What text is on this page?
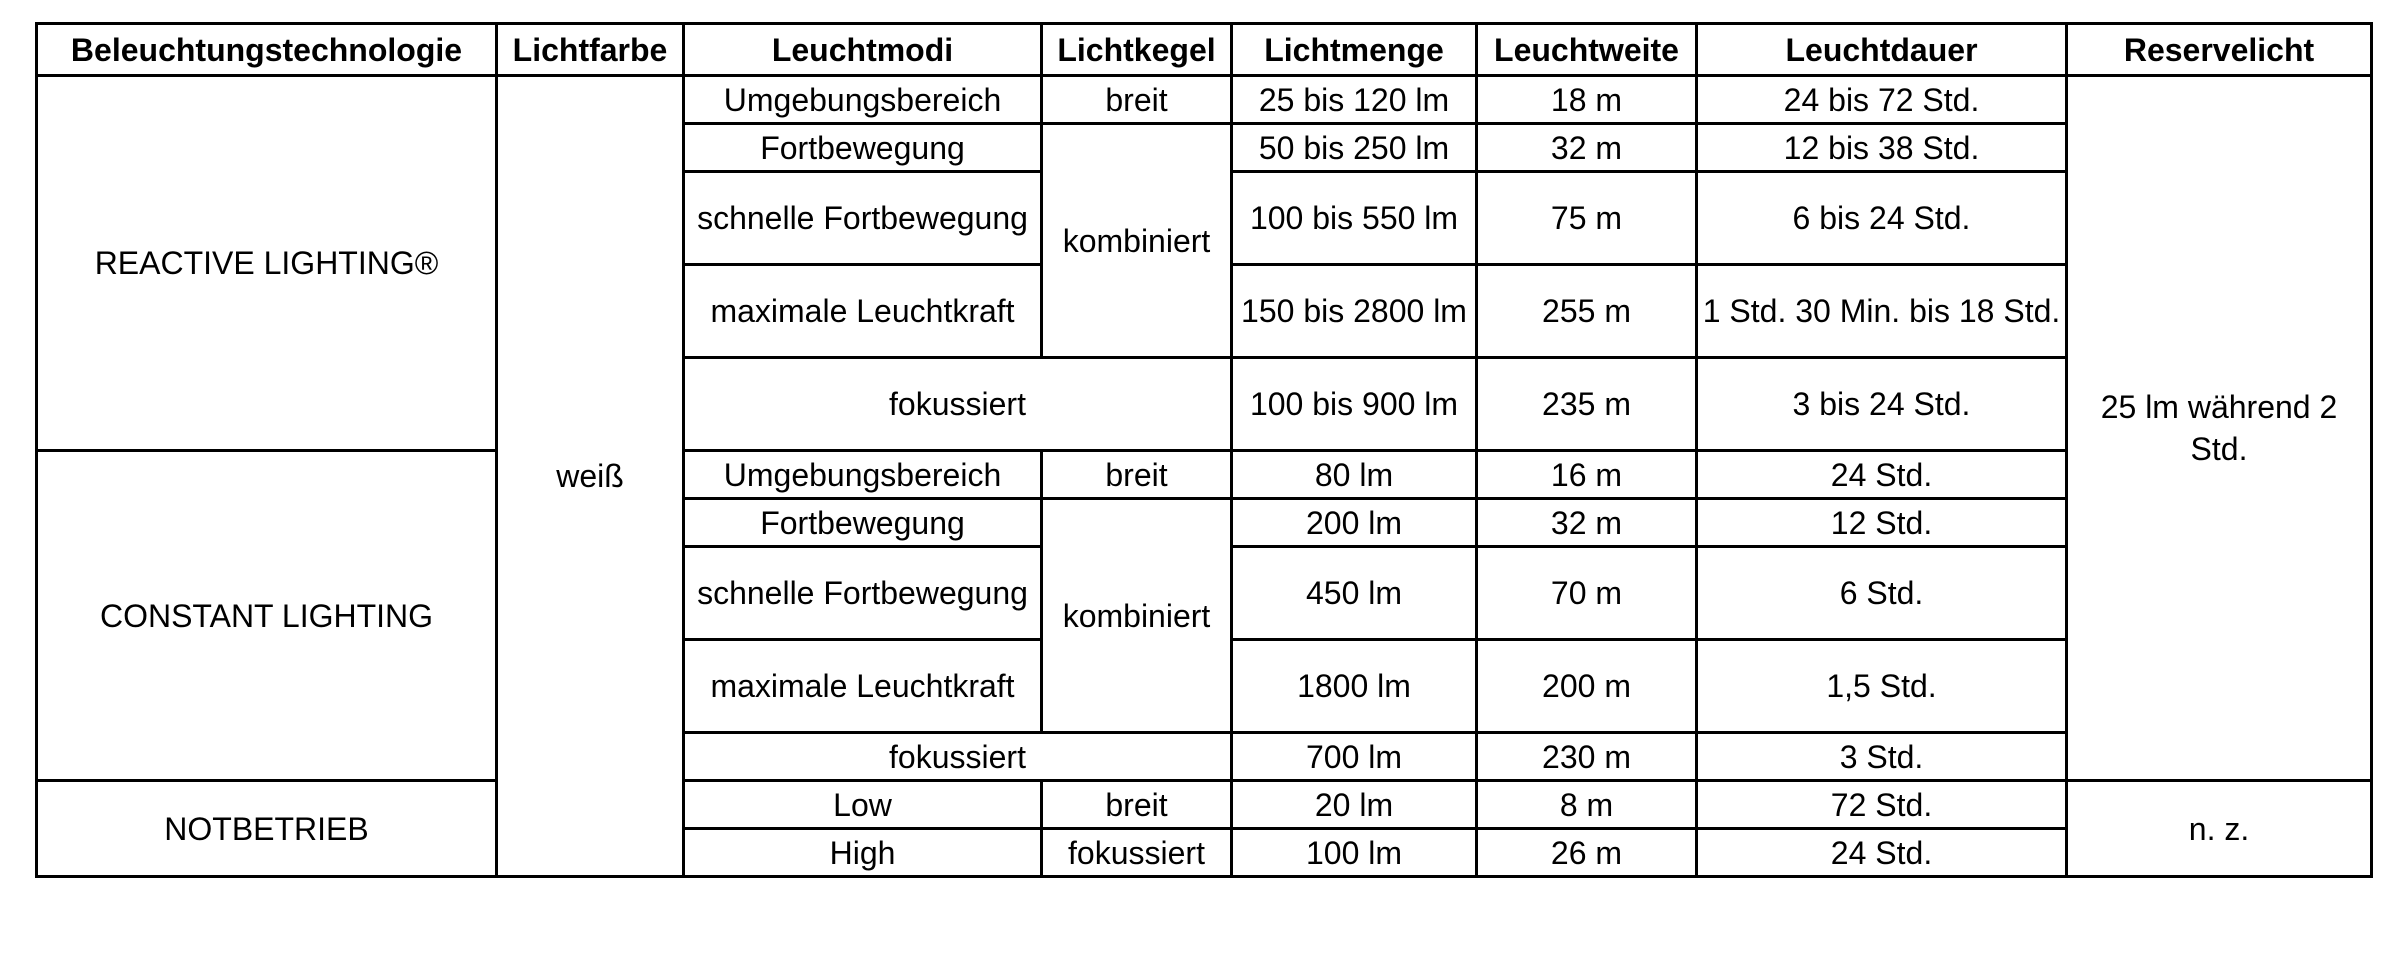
Beleuchtungstechnologie	Lichtfarbe	Leuchtmodi	Lichtkegel	Lichtmenge	Leuchtweite	Leuchtdauer	Reservelicht
REACTIVE LIGHTING®	weiß	Umgebungsbereich	breit	25 bis 120 lm	18 m	24 bis 72 Std.	25 lm während 2 Std.
		Fortbewegung	kombiniert	50 bis 250 lm	32 m	12 bis 38 Std.	
		schnelle Fortbewegung		100 bis 550 lm	75 m	6 bis 24 Std.	
		maximale Leuchtkraft		150 bis 2800 lm	255 m	1 Std. 30 Min. bis 18 Std.	
		fokussiert		100 bis 900 lm	235 m	3 bis 24 Std.	
CONSTANT LIGHTING		Umgebungsbereich	breit	80 lm	16 m	24 Std.	
		Fortbewegung	kombiniert	200 lm	32 m	12 Std.	
		schnelle Fortbewegung		450 lm	70 m	6 Std.	
		maximale Leuchtkraft		1800 lm	200 m	1,5 Std.	
		fokussiert		700 lm	230 m	3 Std.	
NOTBETRIEB		Low	breit	20 lm	8 m	72 Std.	n. z.
		High	fokussiert	100 lm	26 m	24 Std.	
